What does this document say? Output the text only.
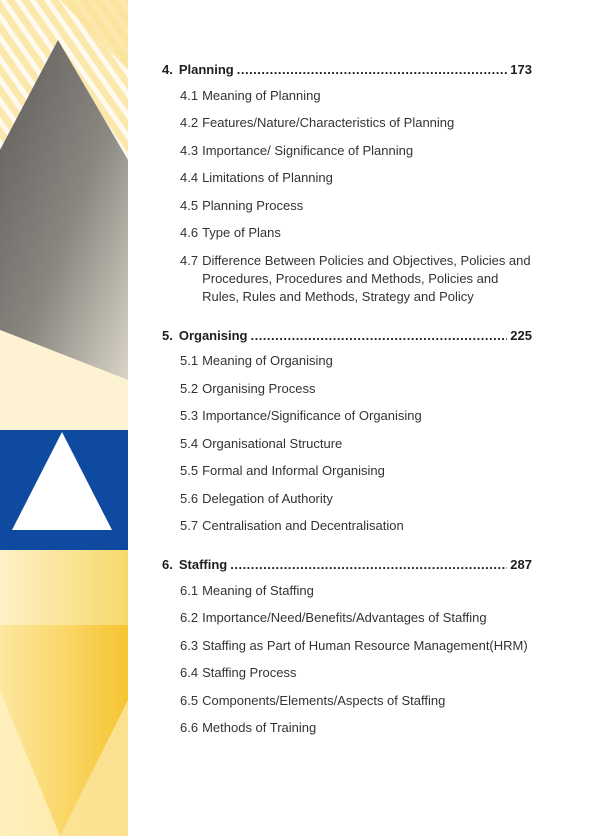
4. Planning .....	173
4.1 Meaning of Planning
4.2 Features/Nature/Characteristics of Planning
4.3 Importance/ Significance of Planning
4.4 Limitations of Planning
4.5 Planning Process
4.6 Type of Plans
4.7 Difference Between Policies and Objectives, Policies and Procedures, Procedures and Methods, Policies and Rules, Rules and Methods, Strategy and Policy
5. Organising .....	225
5.1 Meaning of Organising
5.2 Organising Process
5.3 Importance/Significance of Organising
5.4 Organisational Structure
5.5 Formal and Informal Organising
5.6 Delegation of Authority
5.7 Centralisation and Decentralisation
6. Staffing .....	287
6.1 Meaning of Staffing
6.2 Importance/Need/Benefits/Advantages of Staffing
6.3 Staffing as Part of Human Resource Management(HRM)
6.4 Staffing Process
6.5 Components/Elements/Aspects of Staffing
6.6 Methods of Training
